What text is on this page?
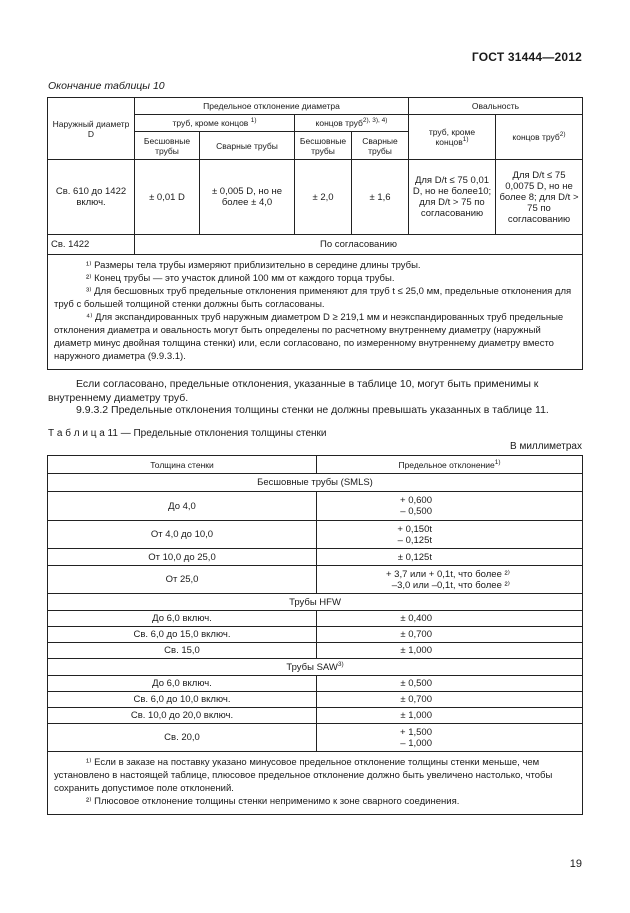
ГОСТ 31444—2012
Окончание таблицы 10
Наружный диаметр D	Предельное отклонение диаметра				Овальность	
	труб, кроме концов $^{1)}$		концов труб$^{2), 3), 4)}$		труб, кроме концов$^{1)}$	концов труб$^{2)}$
	Бесшовные трубы	Сварные трубы	Бесшовные трубы	Сварные трубы		
Св. 610 до 1422 включ.	± 0,01 D	± 0,005 D, но не более ± 4,0	± 2,0	± 1,6	Для D/t ≤ 75 0,01 D, но не более10; для D/t > 75 по согласованию	Для D/t ≤ 75 0,0075 D, но не более 8; для D/t > 75 по согласованию
Св. 1422	По согласованию					

¹⁾ Размеры тела трубы измеряют приблизительно в середине длины трубы.

²⁾ Конец трубы — это участок длиной 100 мм от каждого торца трубы.

³⁾ Для бесшовных труб предельные отклонения применяют для труб t ≤ 25,0 мм, предельные отклонения для труб с большей толщиной стенки должны быть согласованы.

⁴⁾ Для экспандированных труб наружным диаметром D ≥ 219,1 мм и неэкспандированных труб предельные отклонения диаметра и овальность могут быть определены по расчетному внутреннему диаметру (наружный диаметр минус двойная толщина стенки) или, если согласовано, по измеренному внутреннему диаметру вместо наружного диаметра (9.9.3.1).						

Если согласовано, предельные отклонения, указанные в таблице 10, могут быть применимы к внутреннему диаметру труб.
9.9.3.2 Предельные отклонения толщины стенки не должны превышать указанных в таблице 11.
Т а б л и ц а 11 — Предельные отклонения толщины стенки
В миллиметрах
Толщина стенки	Предельное отклонение$^{1)}$
Бесшовные трубы (SMLS)	
До 4,0	+ 0,600
– 0,500

От 4,0 до 10,0	+ 0,150t
– 0,125t

От 10,0 до 25,0	± 0,125t
От 25,0	+ 3,7 или + 0,1t, что более ²⁾
–3,0 или –0,1t, что более ²⁾

Трубы HFW	
До 6,0 включ.	± 0,400
Св. 6,0 до 15,0 включ.	± 0,700
Св. 15,0	± 1,000
Трубы SAW$^{3)}$
До 6,0 включ.	± 0,500
Св. 6,0 до 10,0 включ.	± 0,700
Св. 10,0 до 20,0 включ.	± 1,000
Св. 20,0	+ 1,500
– 1,000

¹⁾ Если в заказе на поставку указано минусовое предельное отклонение толщины стенки меньше, чем установлено в настоящей таблице, плюсовое предельное отклонение должно быть увеличено настолько, чтобы сохранить допустимое поле отклонений.

²⁾ Плюсовое отклонение толщины стенки неприменимо к зоне сварного соединения.	

19
